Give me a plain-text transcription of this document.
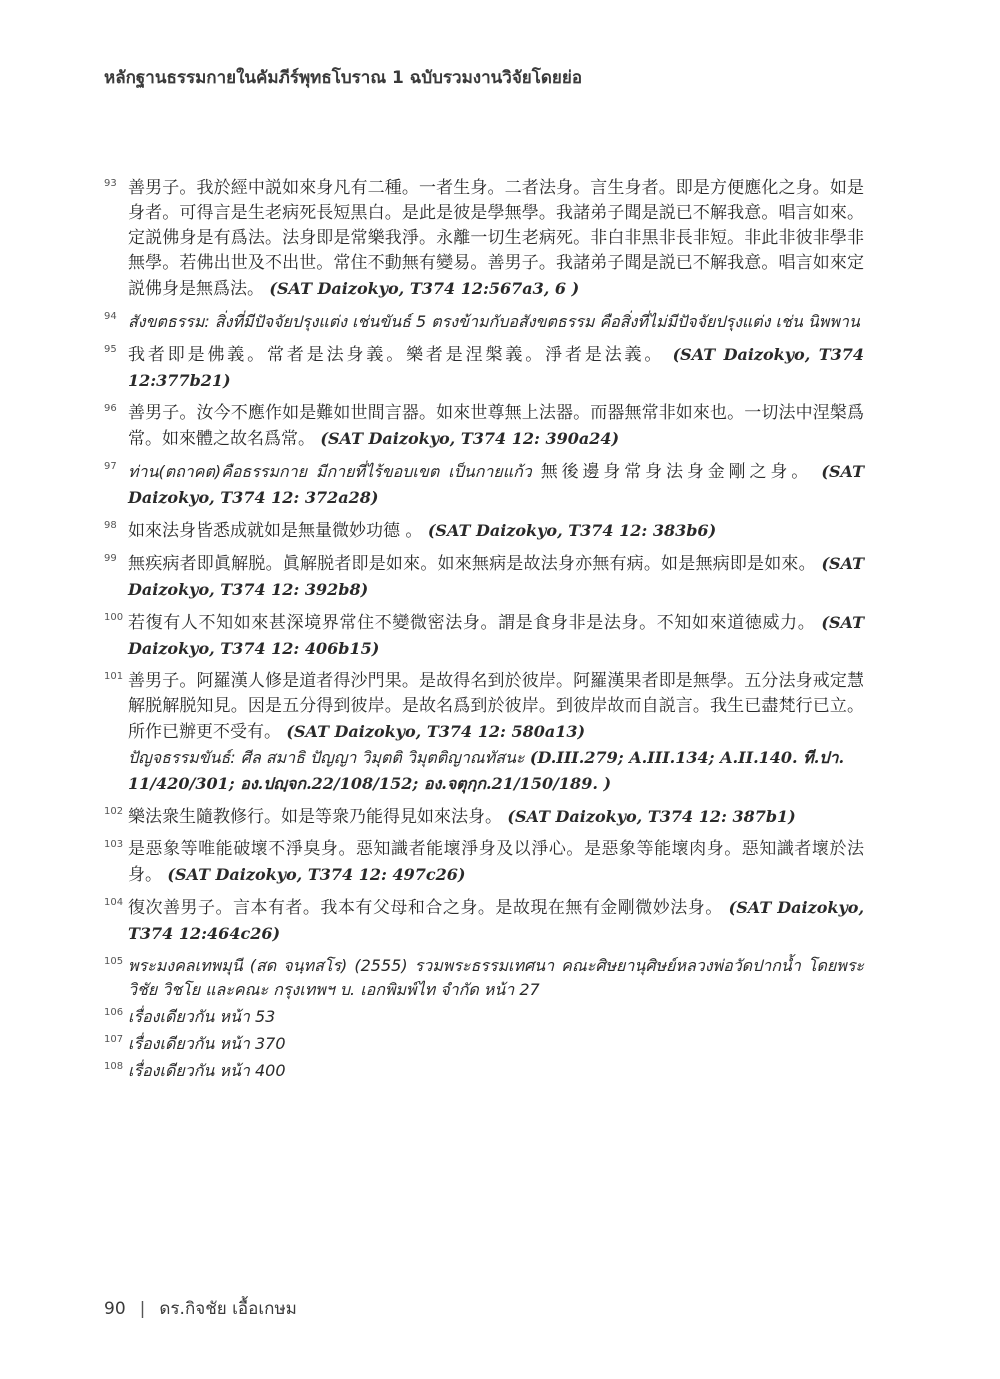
หลักฐานธรรมกายในคัมภีร์พุทธโบราณ 1 ฉบับรวมงานวิจัยโดยย่อ
93 善男子。我於經中説如來身凡有二種。一者生身。二者法身。言生身者。即是方便應化之身。如是身者。可得言是生老病死長短黒白。是此是彼是學無學。我諸弟子聞是説已不解我意。唱言如來。定説佛身是有爲法。法身即是常樂我淨。永離一切生老病死。非白非黒非長非短。非此非彼非學非無學。若佛出世及不出世。常住不動無有變易。善男子。我諸弟子聞是説已不解我意。唱言如來定説佛身是無爲法。 (SAT Daizokyo, T374 12:567a3, 6 )
94 สังขตธรรม: สิ่งที่มีปัจจัยปรุงแต่ง เช่นขันธ์ 5 ตรงข้ามกับอสังขตธรรม คือสิ่งที่ไม่มีปัจจัยปรุงแต่ง เช่น นิพพาน
95 我者即是佛義。常者是法身義。樂者是涅槃義。淨者是法義。 (SAT Daizokyo, T374 12:377b21)
96 善男子。汝今不應作如是難如世間言器。如來世尊無上法器。而器無常非如來也。一切法中涅槃爲常。如來體之故名爲常。 (SAT Daizokyo, T374 12: 390a24)
97 ท่าน(ตถาคต)คือธรรมกาย มีกายที่ไร้ขอบเขต เป็นกายแก้ว 無後邊身常身法身金剛之身。 (SAT Daizokyo, T374 12: 372a28)
98 如來法身皆悉成就如是無量微妙功德 。 (SAT Daizokyo, T374 12: 383b6)
99 無疾病者即眞解脱。眞解脱者即是如來。如來無病是故法身亦無有病。如是無病即是如來。 (SAT Daizokyo, T374 12: 392b8)
100 若復有人不知如來甚深境界常住不變微密法身。謂是食身非是法身。不知如來道徳威力。 (SAT Daizokyo, T374 12: 406b15)
101 善男子。阿羅漢人修是道者得沙門果。是故得名到於彼岸。阿羅漢果者即是無學。五分法身戒定慧解脱解脱知見。因是五分得到彼岸。是故名爲到於彼岸。到彼岸故而自説言。我生已盡梵行已立。所作已辦更不受有。 (SAT Daizokyo, T374 12: 580a13)
ปัญจธรรมขันธ์: ศีล สมาธิ ปัญญา วิมุตติ วิมุตติญาณทัสนะ (D.III.279; A.III.134; A.II.140. ที.ปา. 11/420/301; อง.ปญฺจก.22/108/152; อง.จตุกฺก.21/150/189. )
102 樂法衆生隨教修行。如是等衆乃能得見如來法身。 (SAT Daizokyo, T374 12: 387b1)
103 是惡象等唯能破壞不淨臭身。惡知識者能壞淨身及以淨心。是惡象等能壞肉身。惡知識者壞於法身。 (SAT Daizokyo, T374 12: 497c26)
104 復次善男子。言本有者。我本有父母和合之身。是故現在無有金剛微妙法身。 (SAT Daizokyo, T374 12:464c26)
105 พระมงคลเทพมุนี (สด จนฺทสโร) (2555) รวมพระธรรมเทศนา คณะศิษยานุศิษย์หลวงพ่อวัดปากน้ำ โดยพระวิชัย วิชโย และคณะ กรุงเทพฯ บ. เอกพิมพ์ไท จำกัด หน้า 27
106 เรื่องเดียวกัน หน้า 53
107 เรื่องเดียวกัน หน้า 370
108 เรื่องเดียวกัน หน้า 400
90 | ดร.กิจชัย เอื้อเกษม
